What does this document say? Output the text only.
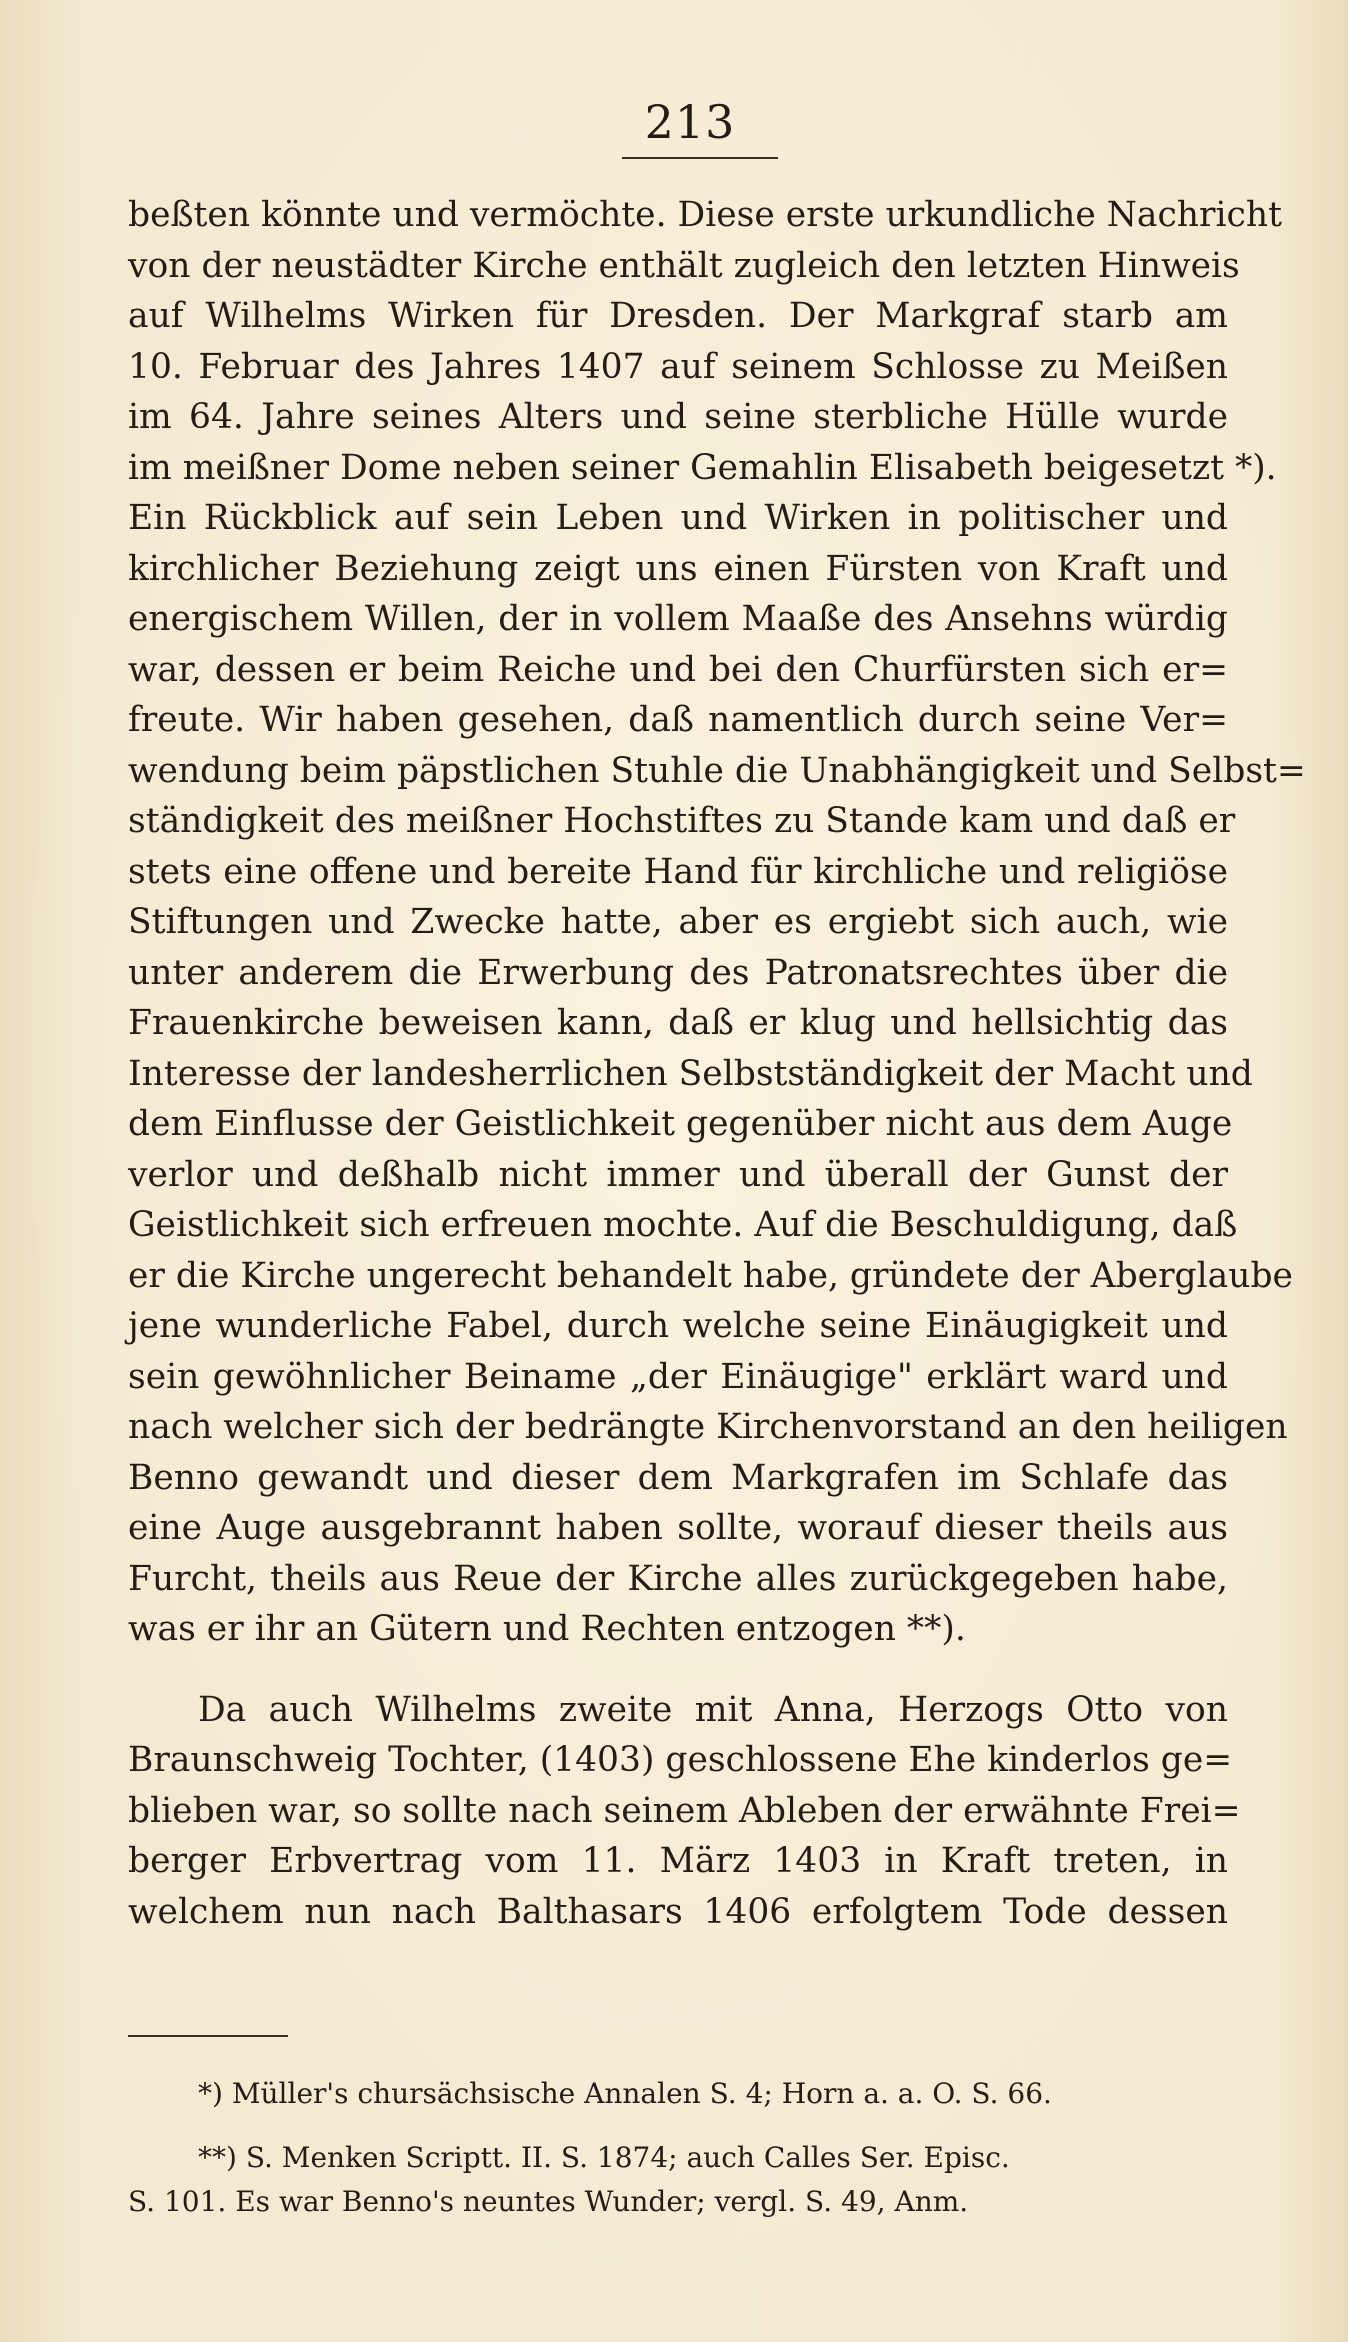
213
beßten könnte und vermöchte. Diese erste urkundliche Nachricht
von der neustädter Kirche enthält zugleich den letzten Hinweis
auf Wilhelms Wirken für Dresden. Der Markgraf starb am
10. Februar des Jahres 1407 auf seinem Schlosse zu Meißen
im 64. Jahre seines Alters und seine sterbliche Hülle wurde
im meißner Dome neben seiner Gemahlin Elisabeth beigesetzt *).
Ein Rückblick auf sein Leben und Wirken in politischer und
kirchlicher Beziehung zeigt uns einen Fürsten von Kraft und
energischem Willen, der in vollem Maaße des Ansehns würdig
war, dessen er beim Reiche und bei den Churfürsten sich er=
freute. Wir haben gesehen, daß namentlich durch seine Ver=
wendung beim päpstlichen Stuhle die Unabhängigkeit und Selbst=
ständigkeit des meißner Hochstiftes zu Stande kam und daß er
stets eine offene und bereite Hand für kirchliche und religiöse
Stiftungen und Zwecke hatte, aber es ergiebt sich auch, wie
unter anderem die Erwerbung des Patronatsrechtes über die
Frauenkirche beweisen kann, daß er klug und hellsichtig das
Interesse der landesherrlichen Selbstständigkeit der Macht und
dem Einflusse der Geistlichkeit gegenüber nicht aus dem Auge
verlor und deßhalb nicht immer und überall der Gunst der
Geistlichkeit sich erfreuen mochte. Auf die Beschuldigung, daß
er die Kirche ungerecht behandelt habe, gründete der Aberglaube
jene wunderliche Fabel, durch welche seine Einäugigkeit und
sein gewöhnlicher Beiname „der Einäugige" erklärt ward und
nach welcher sich der bedrängte Kirchenvorstand an den heiligen
Benno gewandt und dieser dem Markgrafen im Schlafe das
eine Auge ausgebrannt haben sollte, worauf dieser theils aus
Furcht, theils aus Reue der Kirche alles zurückgegeben habe,
was er ihr an Gütern und Rechten entzogen **).
Da auch Wilhelms zweite mit Anna, Herzogs Otto von
Braunschweig Tochter, (1403) geschlossene Ehe kinderlos ge=
blieben war, so sollte nach seinem Ableben der erwähnte Frei=
berger Erbvertrag vom 11. März 1403 in Kraft treten, in
welchem nun nach Balthasars 1406 erfolgtem Tode dessen
*) Müller's chursächsische Annalen S. 4; Horn a. a. O. S. 66.
**) S. Menken Scriptt. II. S. 1874; auch Calles Ser. Episc.
S. 101. Es war Benno's neuntes Wunder; vergl. S. 49, Anm.
